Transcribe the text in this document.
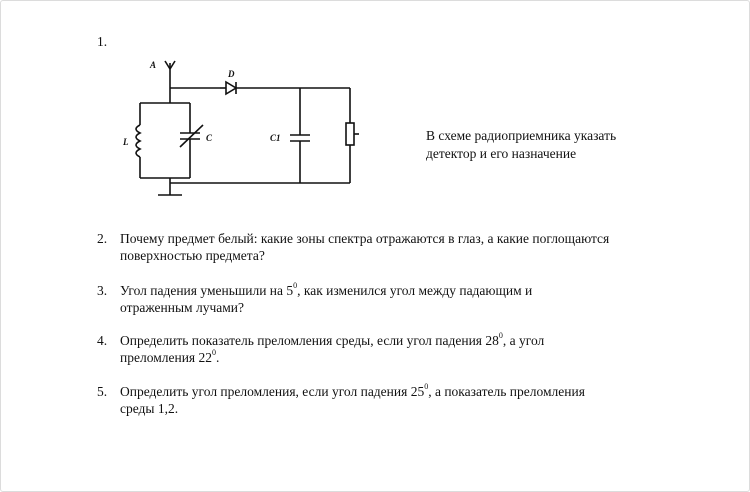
1.
A
D
L	C	C1	В схеме радиоприемника указать
детектор и его назначение
2. Почему предмет белый: какие зоны спектра отражаются в глаз, а какие поглощаются
поверхностью предмета?
3. Угол падения уменьшили на $5^0$, как изменился угол между падающим и
отраженным лучами?
4. Определить показатель преломления среды, если угол падения $28^0$, а угол
преломления $22^0$.
5. Определить угол преломления, если угол падения $25^0$, а показатель преломления
среды 1,2.
